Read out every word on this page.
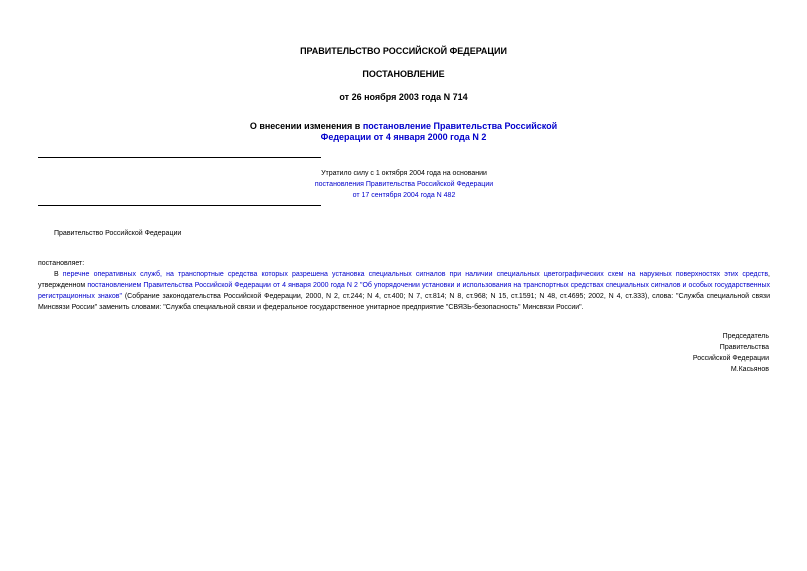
ПРАВИТЕЛЬСТВО РОССИЙСКОЙ ФЕДЕРАЦИИ
ПОСТАНОВЛЕНИЕ
от 26 ноября 2003 года N 714
О внесении изменения в постановление Правительства Российской
Федерации от 4 января 2000 года N 2
Утратило силу с 1 октября 2004 года на основании
постановления Правительства Российской Федерации
от 17 сентября 2004 года N 482
Правительство Российской Федерации
постановляет:
В перечне оперативных служб, на транспортные средства которых разрешена установка специальных сигналов при наличии специальных цветографических схем на наружных поверхностях этих средств, утвержденном постановлением Правительства Российской Федерации от 4 января 2000 года N 2 "Об упорядочении установки и использования на транспортных средствах специальных сигналов и особых государственных регистрационных знаков" (Собрание законодательства Российской Федерации, 2000, N 2, ст.244; N 4, ст.400; N 7, ст.814; N 8, ст.968; N 15, ст.1591; N 48, ст.4695; 2002, N 4, ст.333), слова: "Служба специальной связи Минсвязи России" заменить словами: "Служба специальной связи и федеральное государственное унитарное предприятие "СВЯЗЬ-безопасность" Минсвязи России".
Председатель
Правительства
Российской Федерации
М.Касьянов
